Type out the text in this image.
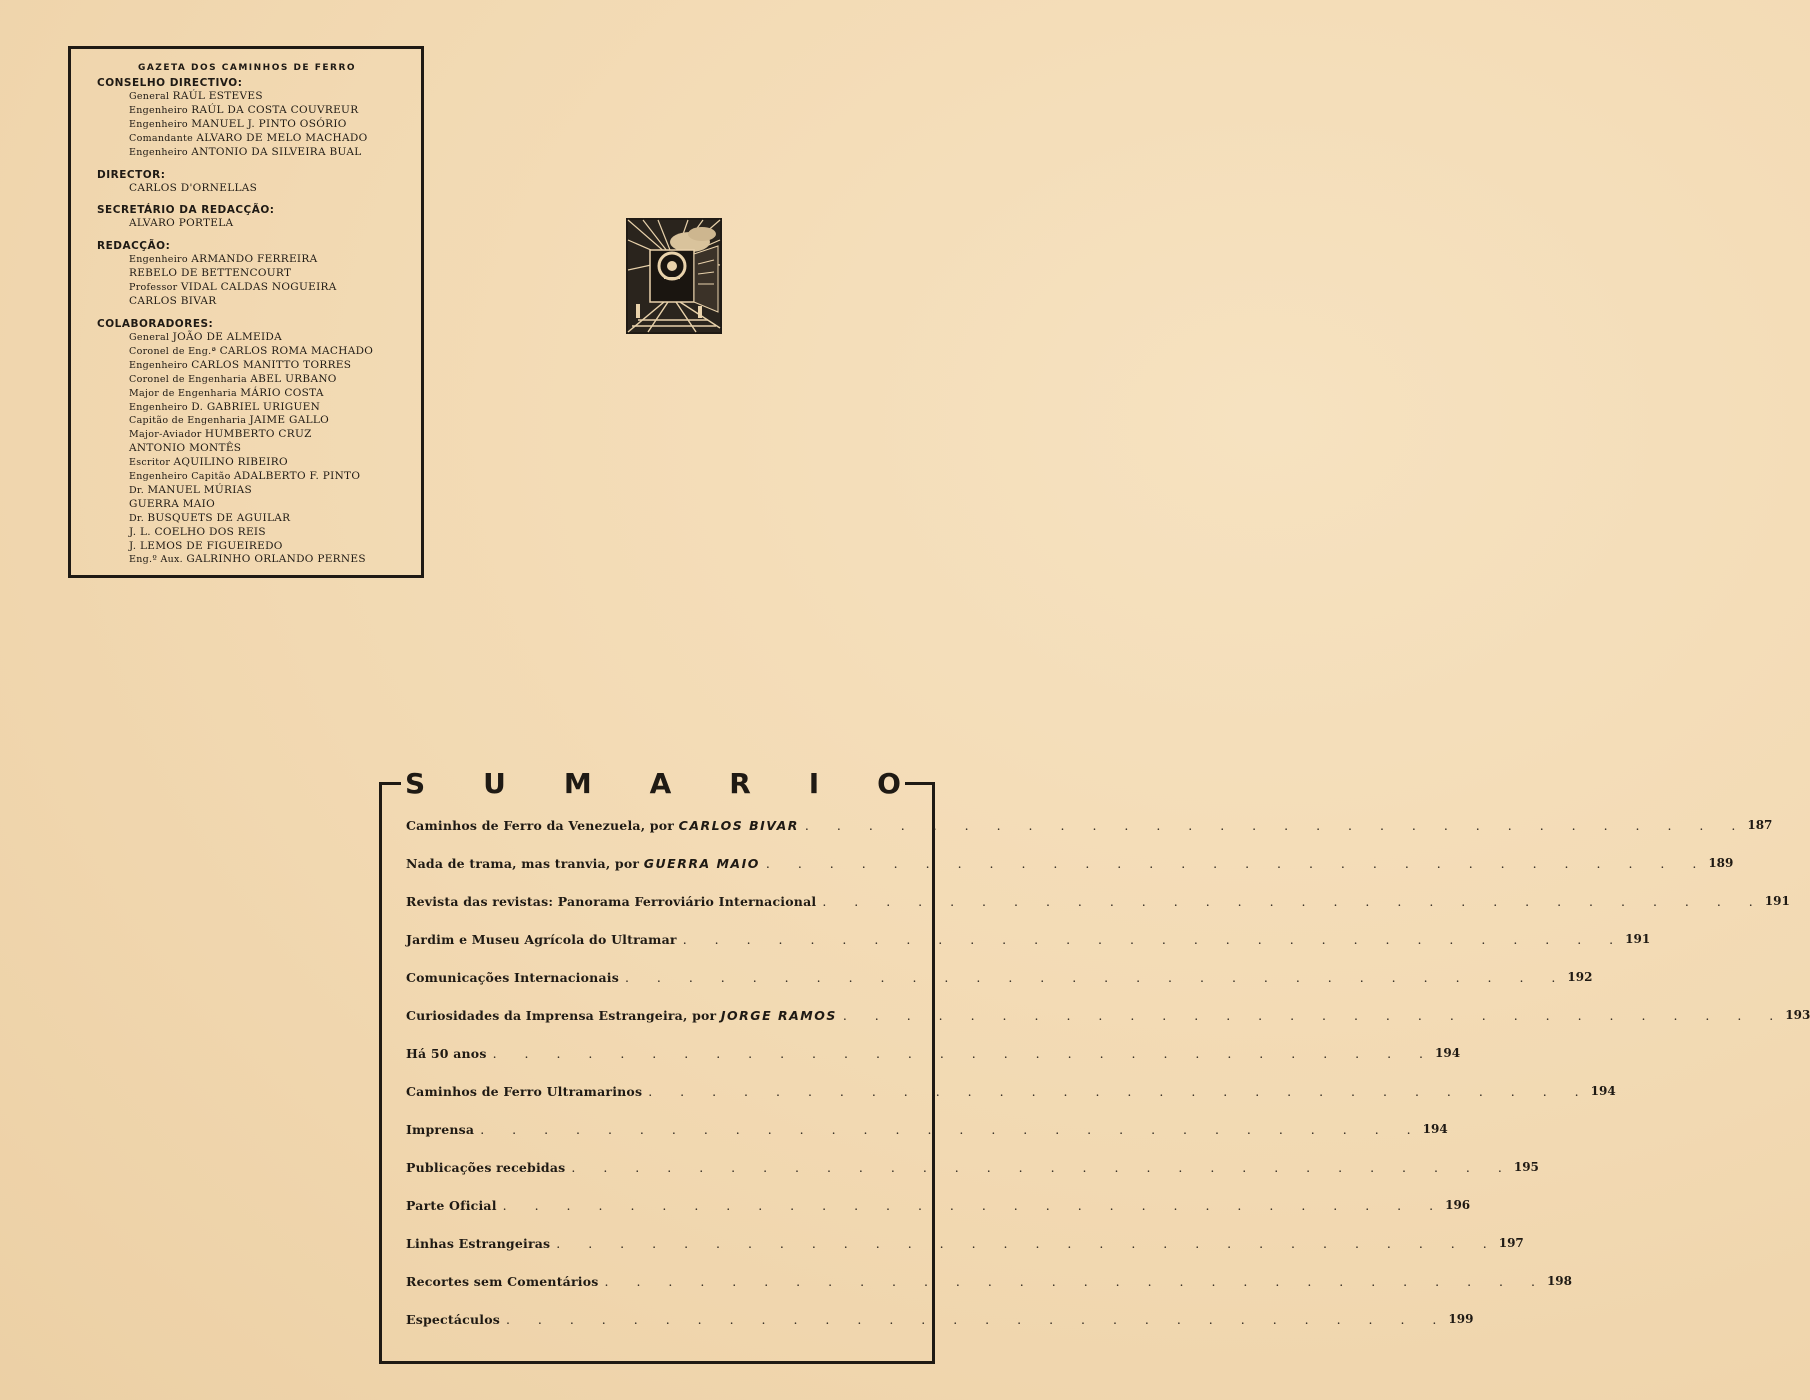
GAZETA DOS CAMINHOS DE FERRO
CONSELHO DIRECTIVO:
General RAÚL ESTEVES
Engenheiro RAÚL DA COSTA COUVREUR
Engenheiro MANUEL J. PINTO OSÓRIO
Comandante ALVARO DE MELO MACHADO
Engenheiro ANTONIO DA SILVEIRA BUAL
DIRECTOR:
CARLOS D'ORNELLAS
SECRETÁRIO DA REDACÇÃO:
ALVARO PORTELA
REDACÇÃO:
Engenheiro ARMANDO FERREIRA
REBELO DE BETTENCOURT
Professor VIDAL CALDAS NOGUEIRA
CARLOS BIVAR
COLABORADORES:
General JOÃO DE ALMEIDA
Coronel de Eng.ª CARLOS ROMA MACHADO
Engenheiro CARLOS MANITTO TORRES
Coronel de Engenharia ABEL URBANO
Major de Engenharia MÁRIO COSTA
Engenheiro D. GABRIEL URIGUEN
Capitão de Engenharia JAIME GALLO
Major-Aviador HUMBERTO CRUZ
ANTONIO MONTÊS
Escritor AQUILINO RIBEIRO
Engenheiro Capitão ADALBERTO F. PINTO
Dr. MANUEL MÚRIAS
GUERRA MAIO
Dr. BUSQUETS DE AGUILAR
J. L. COELHO DOS REIS
J. LEMOS DE FIGUEIREDO
Eng.º Aux. GALRINHO ORLANDO PERNES
S U M A R I O
Caminhos de Ferro da Venezuela, por CARLOS BIVAR . . . . . . . . . . . . . . . . . . . . . . . . . . . . . . 187
Nada de trama, mas tranvia, por GUERRA MAIO . . . . . . . . . . . . . . . . . . . . . . . . . . . . . . 189
Revista das revistas: Panorama Ferroviário Internacional . . . . . . . . . . . . . . . . . . . . . . . . . . . . . . 191
Jardim e Museu Agrícola do Ultramar . . . . . . . . . . . . . . . . . . . . . . . . . . . . . . 191
Comunicações Internacionais . . . . . . . . . . . . . . . . . . . . . . . . . . . . . . 192
Curiosidades da Imprensa Estrangeira, por JORGE RAMOS . . . . . . . . . . . . . . . . . . . . . . . . . . . . . . 193
Há 50 anos . . . . . . . . . . . . . . . . . . . . . . . . . . . . . . 194
Caminhos de Ferro Ultramarinos . . . . . . . . . . . . . . . . . . . . . . . . . . . . . . 194
Imprensa . . . . . . . . . . . . . . . . . . . . . . . . . . . . . . 194
Publicações recebidas . . . . . . . . . . . . . . . . . . . . . . . . . . . . . . 195
Parte Oficial . . . . . . . . . . . . . . . . . . . . . . . . . . . . . . 196
Linhas Estrangeiras . . . . . . . . . . . . . . . . . . . . . . . . . . . . . . 197
Recortes sem Comentários . . . . . . . . . . . . . . . . . . . . . . . . . . . . . . 198
Espectáculos . . . . . . . . . . . . . . . . . . . . . . . . . . . . . . 199
